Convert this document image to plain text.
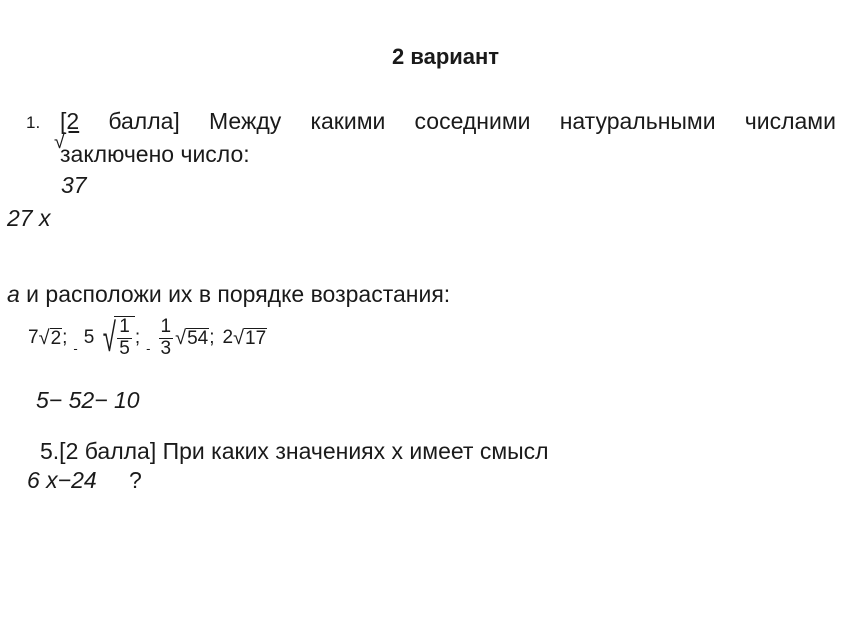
2 вариант
1. [2 балла] Между какими соседними натуральными числами
√
заключено число:
37
27 x
a и расположи их в порядке возрастания:
7 √ 2 ;
-
5 √ $\frac{1}{5}$ ;
- $\frac{1}{3}$ √ 54 ; 2 √ 17
5− 52− 10
5.[2 балла] При каких значениях x имеет смысл
6 x−24 ?
